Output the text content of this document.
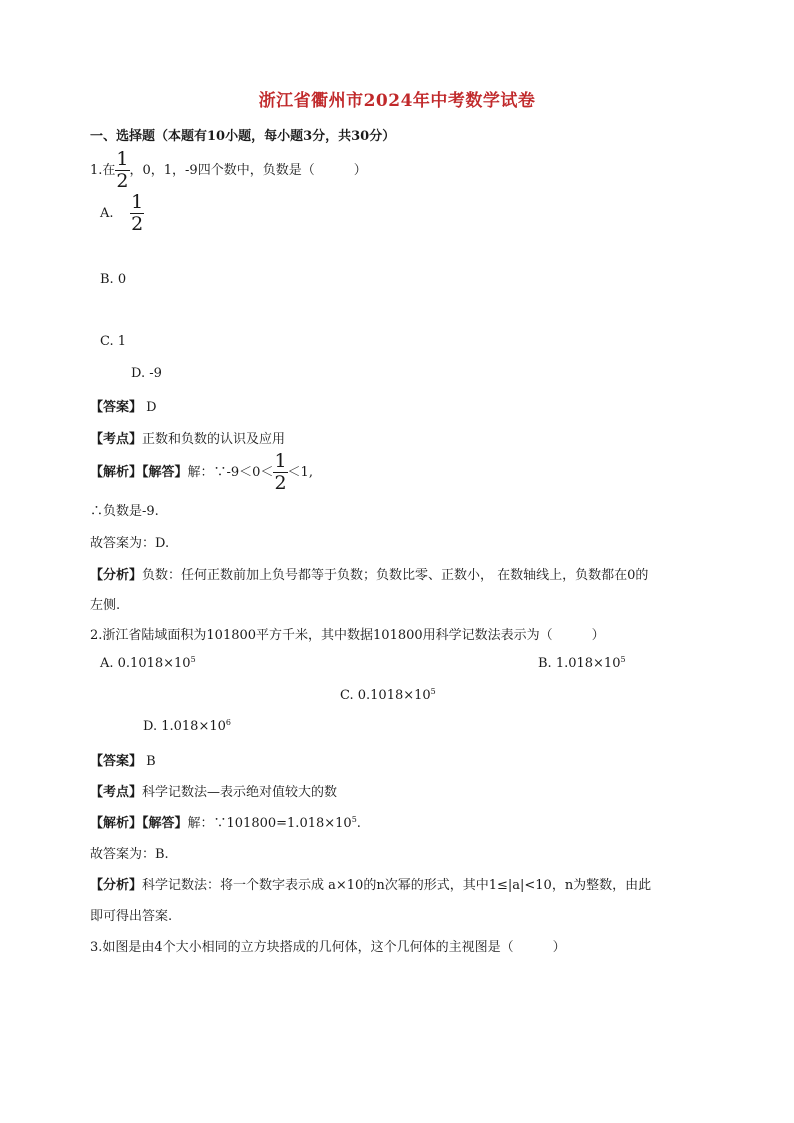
浙江省衢州市2024年中考数学试卷
一、选择题（本题有10小题，每小题3分，共30分）
1.在 $\frac{1}{2}$ ，0，1，-9四个数中，负数是（　　　）
A. $\frac{1}{2}$
B. 0
C. 1
D. -9
【答案】 D
【考点】正数和负数的认识及应用
【解析】【解答】解：∵-9＜0＜ $\frac{1}{2} <1$,
∴负数是-9.
故答案为：D.
【分析】负数：任何正数前加上负号都等于负数；负数比零、正数小， 在数轴线上，负数都在0的
左侧.
2.浙江省陆域面积为101800平方千米，其中数据101800用科学记数法表示为（　　　）
A. $0.1018\times 10^5$	B. $1.018\times 10^5$
C. $0.1018\times 10^5$
D. $1.018\times 10^6$
【答案】 B
【考点】科学记数法—表示绝对值较大的数
【解析】【解答】解：$\because 101800=1.018\times 10^5$.
故答案为：B.
【分析】科学记数法：将一个数字表示成 a×10的n次幂的形式，其中1≤|a|<10，n为整数，由此
即可得出答案.
3.如图是由4个大小相同的立方块搭成的几何体，这个几何体的主视图是（　　　）
